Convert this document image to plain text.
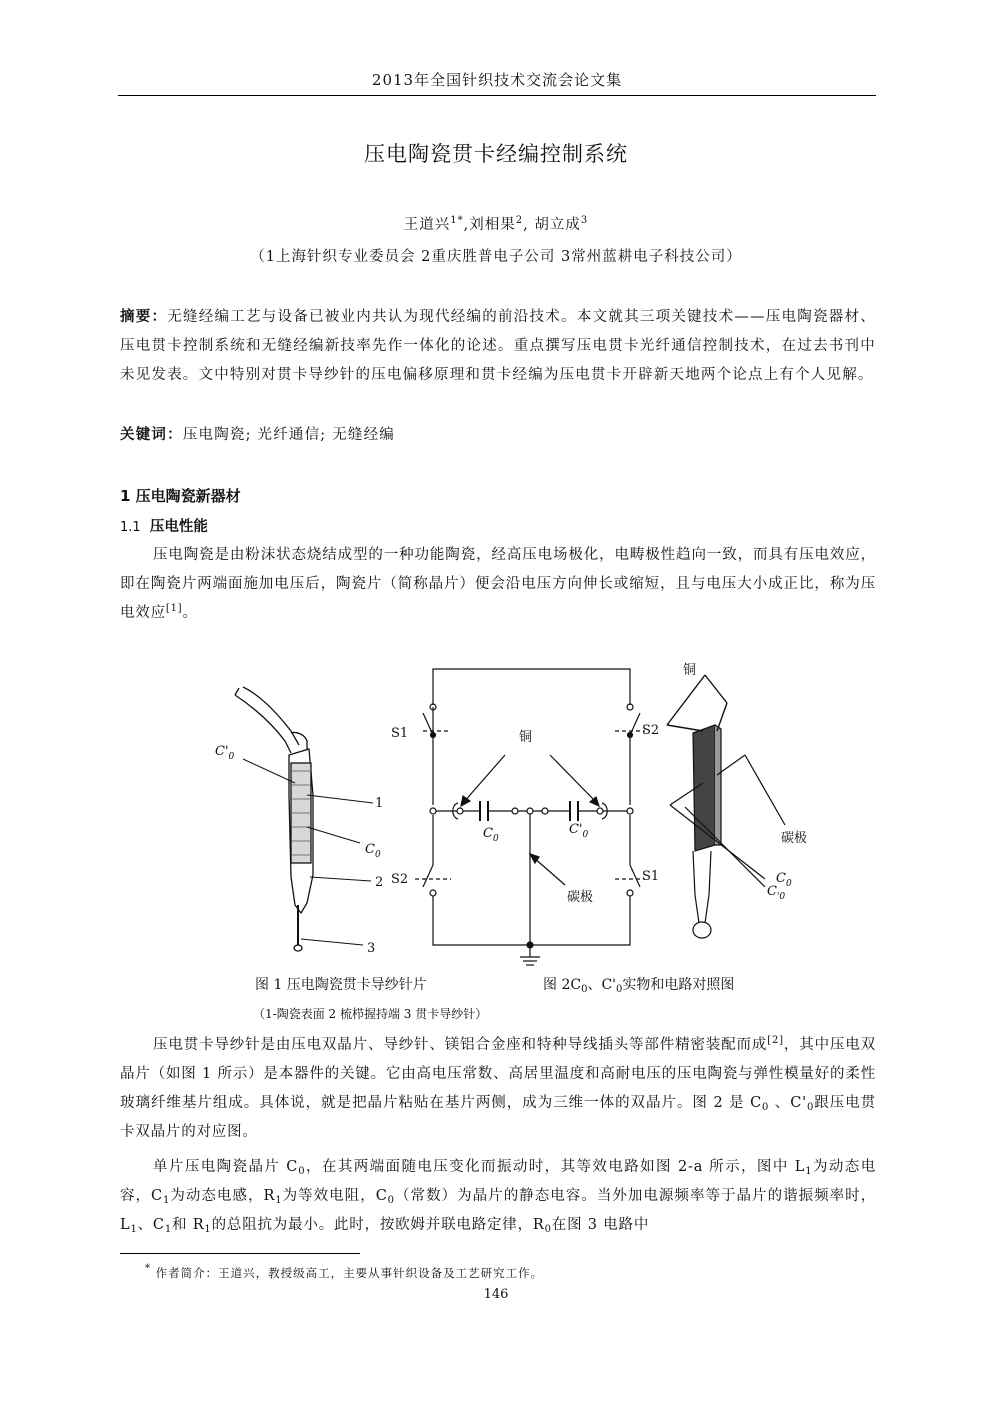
2013年全国针织技术交流会论文集
压电陶瓷贯卡经编控制系统
王道兴$^{1*}$,刘相果$^2$, 胡立成$^3$
（1上海针织专业委员会 2重庆胜普电子公司 3常州蓝耕电子科技公司）
摘要：无缝经编工艺与设备已被业内共认为现代经编的前沿技术。本文就其三项关键技术——压电陶瓷器材、压电贯卡控制系统和无缝经编新技率先作一体化的论述。重点撰写压电贯卡光纤通信控制技术，在过去书刊中未见发表。文中特别对贯卡导纱针的压电偏移原理和贯卡经编为压电贯卡开辟新天地两个论点上有个人见解。
关键词：压电陶瓷; 光纤通信; 无缝经编
1 压电陶瓷新器材
1.1 压电性能
压电陶瓷是由粉沫状态烧结成型的一种功能陶瓷，经高压电场极化，电畴极性趋向一致，而具有压电效应，即在陶瓷片两端面施加电压后，陶瓷片（简称晶片）便会沿电压方向伸长或缩短，且与电压大小成正比，称为压电效应[1]。
$C'_0$
1
$C_0$
2
3
S1	S2
S2	S1
铜
$C_0$
$C'_0$
碳极
铜
碳极
$C_0$
$C_{'0}$
图 1 压电陶瓷贯卡导纱针片	图 $2C_0$、$C'_0$实物和电路对照图
（1-陶瓷表面 2 梳栉握持端 3 贯卡导纱针）
压电贯卡导纱针是由压电双晶片、导纱针、镁铝合金座和特种导线插头等部件精密装配而成[2]，其中压电双晶片（如图 1 所示）是本器件的关键。它由高电压常数、高居里温度和高耐电压的压电陶瓷与弹性模量好的柔性玻璃纤维基片组成。具体说，就是把晶片粘贴在基片两侧，成为三维一体的双晶片。图 2 是 $C_0$ 、$C'_0$跟压电贯卡双晶片的对应图。
单片压电陶瓷晶片 $C_0$，在其两端面随电压变化而振动时，其等效电路如图 2-a 所示，图中 $L_1$为动态电容，$C_1$为动态电感，$R_1$为等效电阻，$C_0$（常数）为晶片的静态电容。当外加电源频率等于晶片的谐振频率时，$L_1$、$C_1$和 $R_1$的总阻抗为最小。此时，按欧姆并联电路定律，$R_0$在图 3 电路中
* 作者简介：王道兴，教授级高工，主要从事针织设备及工艺研究工作。
146
